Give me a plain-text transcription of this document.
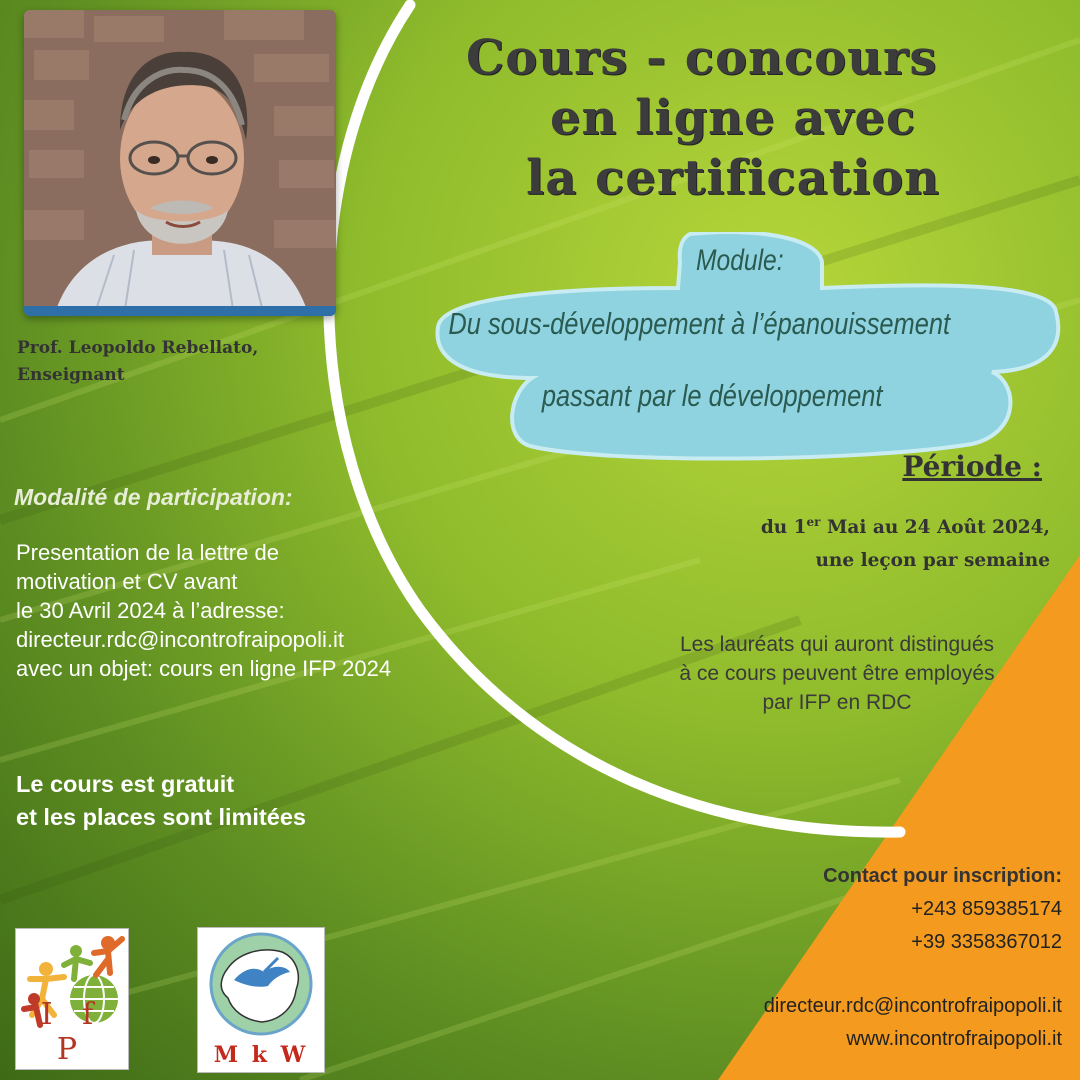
Prof. Leopoldo Rebellato,
Enseignant
Cours - concours
en ligne avec
la certification
Module:
Du sous-développement à l’épanouissement
passant par le développement
Période :
du 1er Mai au 24 Août 2024,
une leçon par semaine
Les lauréats qui auront distingués
à ce cours peuvent être employés
par IFP en RDC
Modalité de participation:
Presentation de la lettre de
motivation et CV avant
le 30 Avril 2024 à l’adresse:
directeur.rdc@incontrofraipopoli.it
avec un objet: cours en ligne IFP 2024
Le cours est gratuit
et les places sont limitées
Contact pour inscription:
+243 859385174
+39 3358367012
directeur.rdc@incontrofraipopoli.it
www.incontrofraipopoli.it
I f P	M k W
